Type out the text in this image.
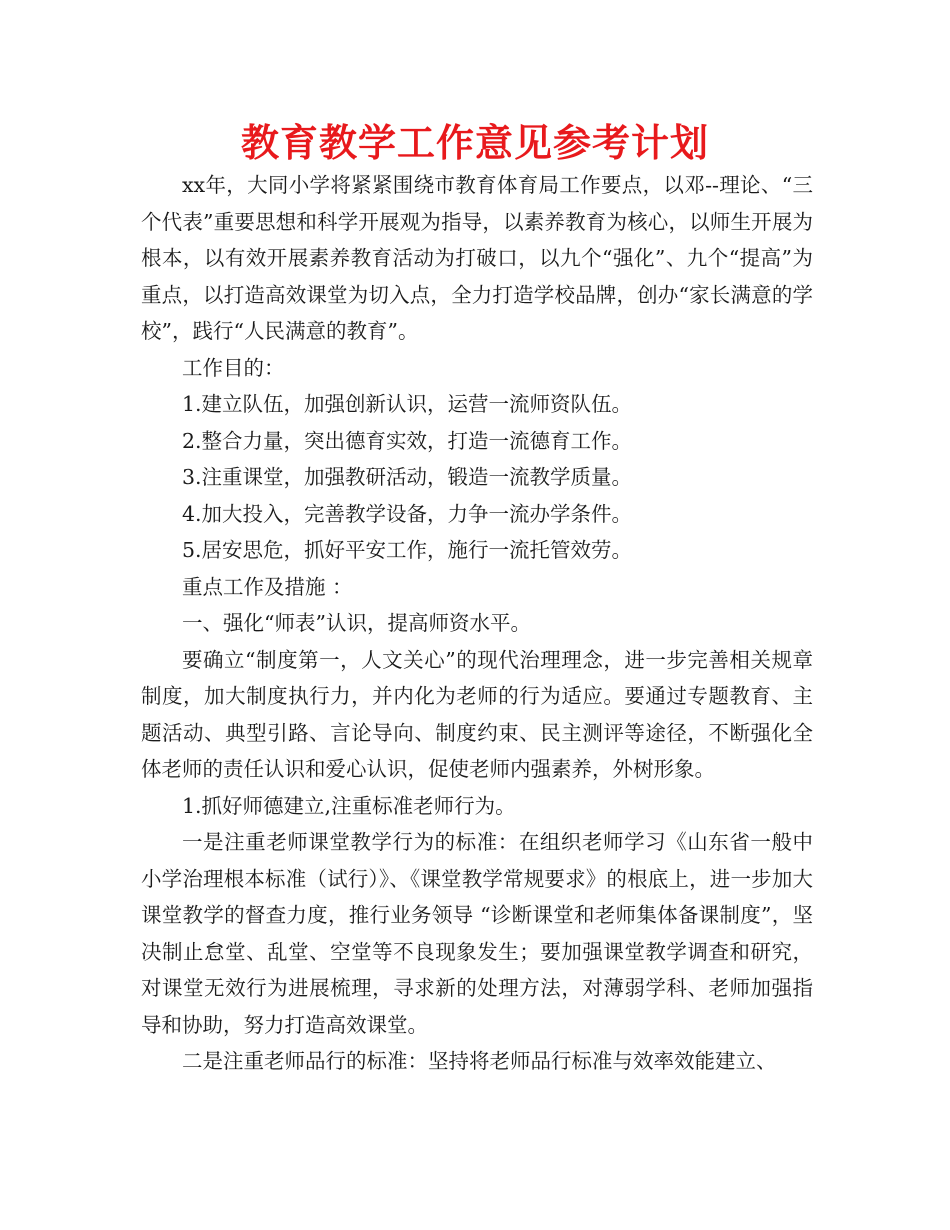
教育教学工作意见参考计划

xx年，大同小学将紧紧围绕市教育体育局工作要点，以邓--理论、“三个代表”重要思想和科学开展观为指导，以素养教育为核心，以师生开展为根本，以有效开展素养教育活动为打破口，以九个“强化”、九个“提高”为重点，以打造高效课堂为切入点，全力打造学校品牌，创办“家长满意的学校”，践行“人民满意的教育”。

工作目的：

1.建立队伍，加强创新认识，运营一流师资队伍。

2.整合力量，突出德育实效，打造一流德育工作。

3.注重课堂，加强教研活动，锻造一流教学质量。

4.加大投入，完善教学设备，力争一流办学条件。

5.居安思危，抓好平安工作，施行一流托管效劳。

重点工作及措施 ：

一、强化“师表”认识，提高师资水平。

要确立“制度第一，人文关心”的现代治理理念，进一步完善相关规章制度，加大制度执行力，并内化为老师的行为适应。要通过专题教育、主题活动、典型引路、言论导向、制度约束、民主测评等途径，不断强化全体老师的责任认识和爱心认识，促使老师内强素养，外树形象。

1.抓好师德建立,注重标准老师行为。

一是注重老师课堂教学行为的标准：在组织老师学习《山东省一般中小学治理根本标准（试行）》、《课堂教学常规要求》的根底上，进一步加大课堂教学的督查力度，推行业务领导 “诊断课堂和老师集体备课制度”，坚决制止怠堂、乱堂、空堂等不良现象发生；要加强课堂教学调查和研究，对课堂无效行为进展梳理，寻求新的处理方法，对薄弱学科、老师加强指导和协助，努力打造高效课堂。

二是注重老师品行的标准：坚持将老师品行标准与效率效能建立、
